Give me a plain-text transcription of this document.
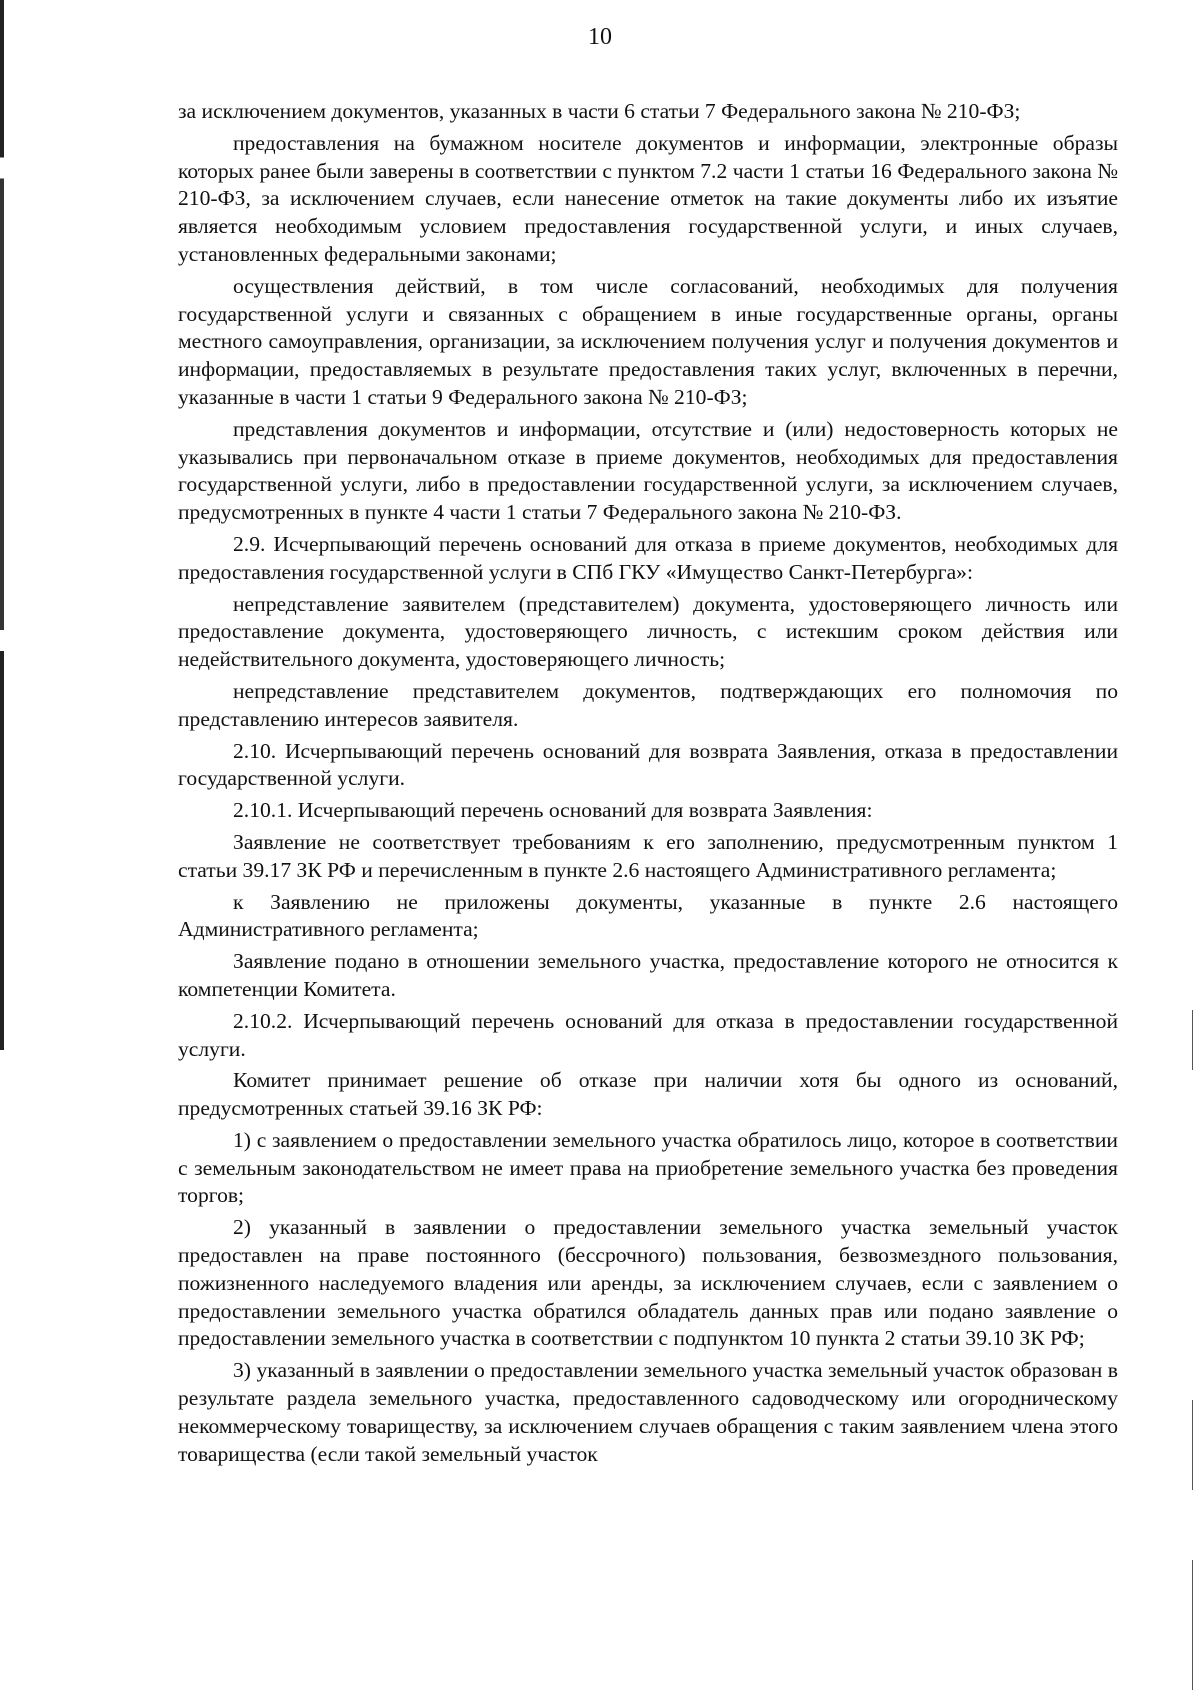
10

за исключением документов, указанных в части 6 статьи 7 Федерального закона № 210-ФЗ;

предоставления на бумажном носителе документов и информации, электронные образы которых ранее были заверены в соответствии с пунктом 7.2 части 1 статьи 16 Федерального закона № 210-ФЗ, за исключением случаев, если нанесение отметок на такие документы либо их изъятие является необходимым условием предоставления государственной услуги, и иных случаев, установленных федеральными законами;

осуществления действий, в том числе согласований, необходимых для получения государственной услуги и связанных с обращением в иные государственные органы, органы местного самоуправления, организации, за исключением получения услуг и получения документов и информации, предоставляемых в результате предоставления таких услуг, включенных в перечни, указанные в части 1 статьи 9 Федерального закона № 210-ФЗ;

представления документов и информации, отсутствие и (или) недостоверность которых не указывались при первоначальном отказе в приеме документов, необходимых для предоставления государственной услуги, либо в предоставлении государственной услуги, за исключением случаев, предусмотренных в пункте 4 части 1 статьи 7 Федерального закона № 210-ФЗ.

2.9. Исчерпывающий перечень оснований для отказа в приеме документов, необходимых для предоставления государственной услуги в СПб ГКУ «Имущество Санкт-Петербурга»:

непредставление заявителем (представителем) документа, удостоверяющего личность или предоставление документа, удостоверяющего личность, с истекшим сроком действия или недействительного документа, удостоверяющего личность;

непредставление представителем документов, подтверждающих его полномочия по представлению интересов заявителя.

2.10. Исчерпывающий перечень оснований для возврата Заявления, отказа в предоставлении государственной услуги.

2.10.1. Исчерпывающий перечень оснований для возврата Заявления:

Заявление не соответствует требованиям к его заполнению, предусмотренным пунктом 1 статьи 39.17 ЗК РФ и перечисленным в пункте 2.6 настоящего Административного регламента;

к Заявлению не приложены документы, указанные в пункте 2.6 настоящего Административного регламента;

Заявление подано в отношении земельного участка, предоставление которого не относится к компетенции Комитета.

2.10.2. Исчерпывающий перечень оснований для отказа в предоставлении государственной услуги.

Комитет принимает решение об отказе при наличии хотя бы одного из оснований, предусмотренных статьей 39.16 ЗК РФ:

1) с заявлением о предоставлении земельного участка обратилось лицо, которое в соответствии с земельным законодательством не имеет права на приобретение земельного участка без проведения торгов;

2) указанный в заявлении о предоставлении земельного участка земельный участок предоставлен на праве постоянного (бессрочного) пользования, безвозмездного пользования, пожизненного наследуемого владения или аренды, за исключением случаев, если с заявлением о предоставлении земельного участка обратился обладатель данных прав или подано заявление о предоставлении земельного участка в соответствии с подпунктом 10 пункта 2 статьи 39.10 ЗК РФ;

3) указанный в заявлении о предоставлении земельного участка земельный участок образован в результате раздела земельного участка, предоставленного садоводческому или огородническому некоммерческому товариществу, за исключением случаев обращения с таким заявлением члена этого товарищества (если такой земельный участок
